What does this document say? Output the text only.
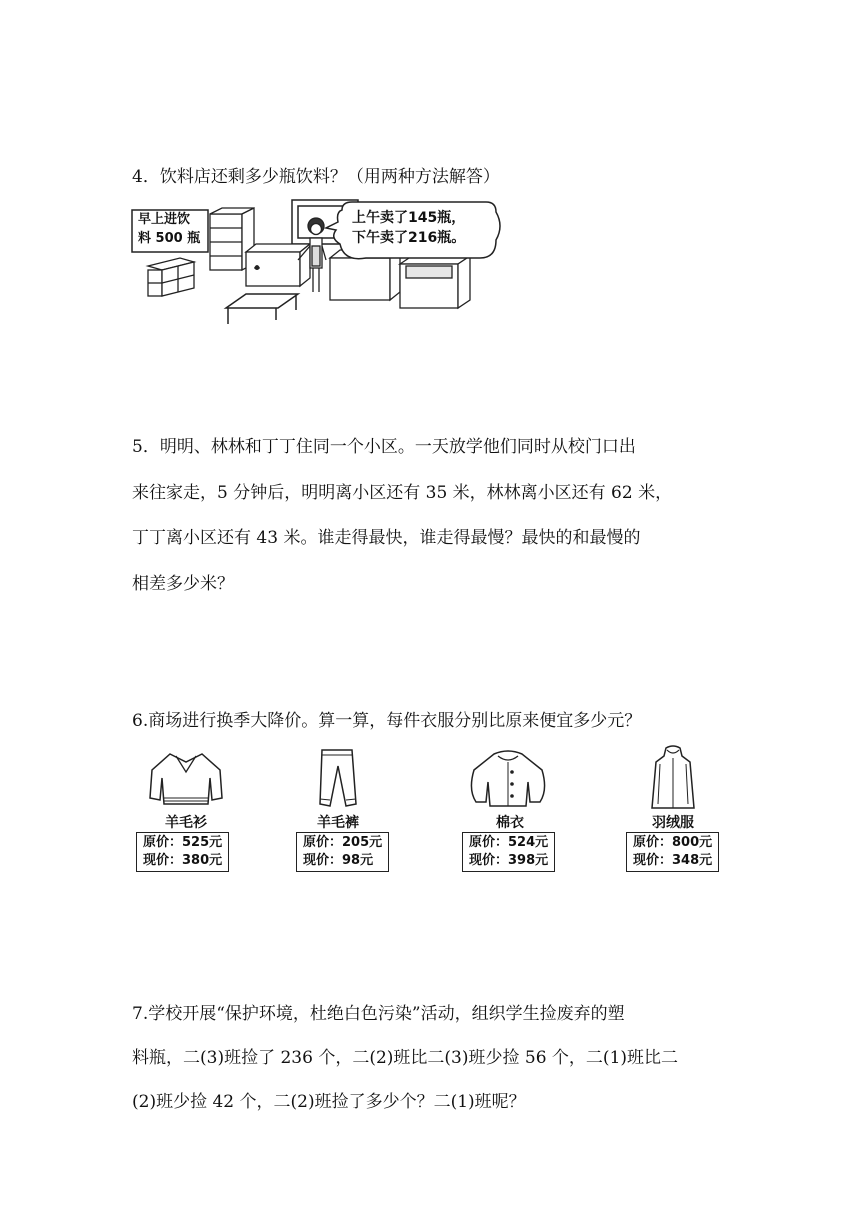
4．饮料店还剩多少瓶饮料？（用两种方法解答）
早上进饮
料 500 瓶
上午卖了145瓶，
下午卖了216瓶。
5．明明、林林和丁丁住同一个小区。一天放学他们同时从校门口出
来往家走，5 分钟后，明明离小区还有 35 米，林林离小区还有 62 米，
丁丁离小区还有 43 米。谁走得最快，谁走得最慢？最快的和最慢的
相差多少米？
6.商场进行换季大降价。算一算，每件衣服分别比原来便宜多少元？
羊毛衫
原价：525元
现价：380元
羊毛裤
原价：205元
现价：98元
棉衣
原价：524元
现价：398元
羽绒服
原价：800元
现价：348元
7.学校开展“保护环境，杜绝白色污染”活动，组织学生捡废弃的塑
料瓶，二(3)班捡了 236 个，二(2)班比二(3)班少捡 56 个，二(1)班比二
(2)班少捡 42 个，二(2)班捡了多少个？二(1)班呢？
